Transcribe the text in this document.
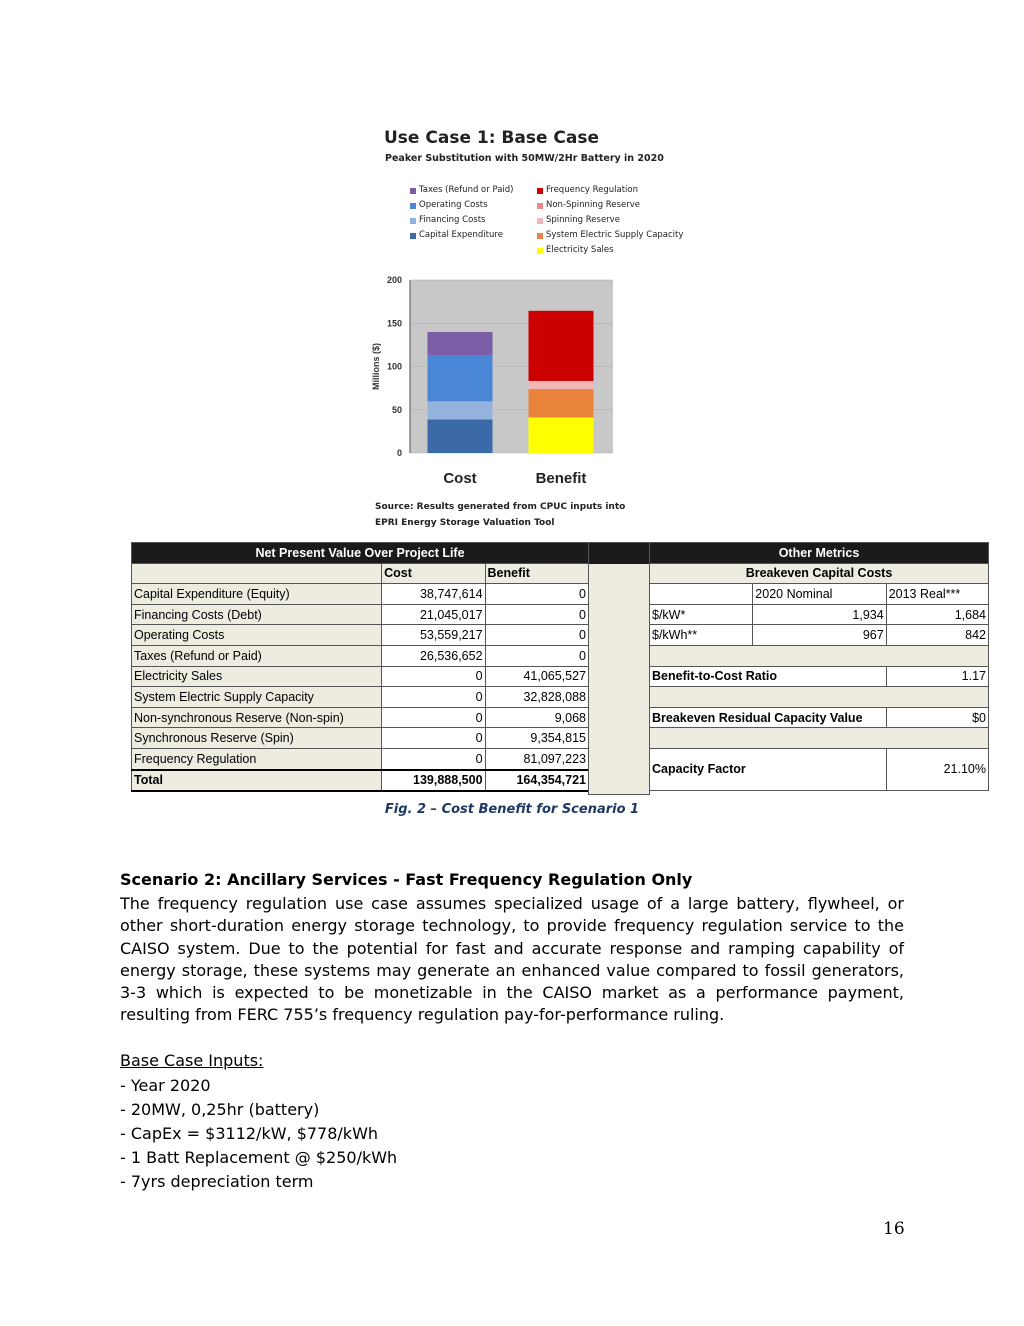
Use Case 1: Base Case
Peaker Substitution with 50MW/2Hr Battery in 2020
Taxes (Refund or Paid)
Operating Costs
Financing Costs
Capital Expenditure
Frequency Regulation
Non-Spinning Reserve
Spinning Reserve
System Electric Supply Capacity
Electricity Sales
0
50
100
150
200
Millions ($)
Cost	Benefit
Source: Results generated from CPUC inputs into
EPRI Energy Storage Valuation Tool
Net Present Value Over Project Life		
	Cost	Benefit
Capital Expenditure (Equity)	38,747,614	0
Financing Costs (Debt)	21,045,017	0
Operating Costs	53,559,217	0
Taxes (Refund or Paid)	26,536,652	0
Electricity Sales	0	41,065,527
System Electric Supply Capacity	0	32,828,088
Non-synchronous Reserve (Non-spin)	0	9,068
Synchronous Reserve (Spin)	0	9,354,815
Frequency Regulation	0	81,097,223
Total	139,888,500	164,354,721
Other Metrics		
Breakeven Capital Costs		
	2020 Nominal	2013 Real***
$/kW*	1,934	1,684
$/kWh**	967	842

Benefit-to-Cost Ratio		1.17

Breakeven Residual Capacity Value		$0

Capacity Factor		21.10%
Fig. 2 – Cost Benefit for Scenario 1
Scenario 2: Ancillary Services - Fast Frequency Regulation Only
The frequency regulation use case assumes specialized usage of a large battery, flywheel, or other short-duration energy storage technology, to provide frequency regulation service to the CAISO system. Due to the potential for fast and accurate response and ramping capability of energy storage, these systems may generate an enhanced value compared to fossil generators, 3-3 which is expected to be monetizable in the CAISO market as a performance payment, resulting from FERC 755’s frequency regulation pay-for-performance ruling.
Base Case Inputs:
- Year 2020
- 20MW, 0,25hr (battery)
- CapEx = $3112/kW, $778/kWh
- 1 Batt Replacement @ $250/kWh
- 7yrs depreciation term
16
